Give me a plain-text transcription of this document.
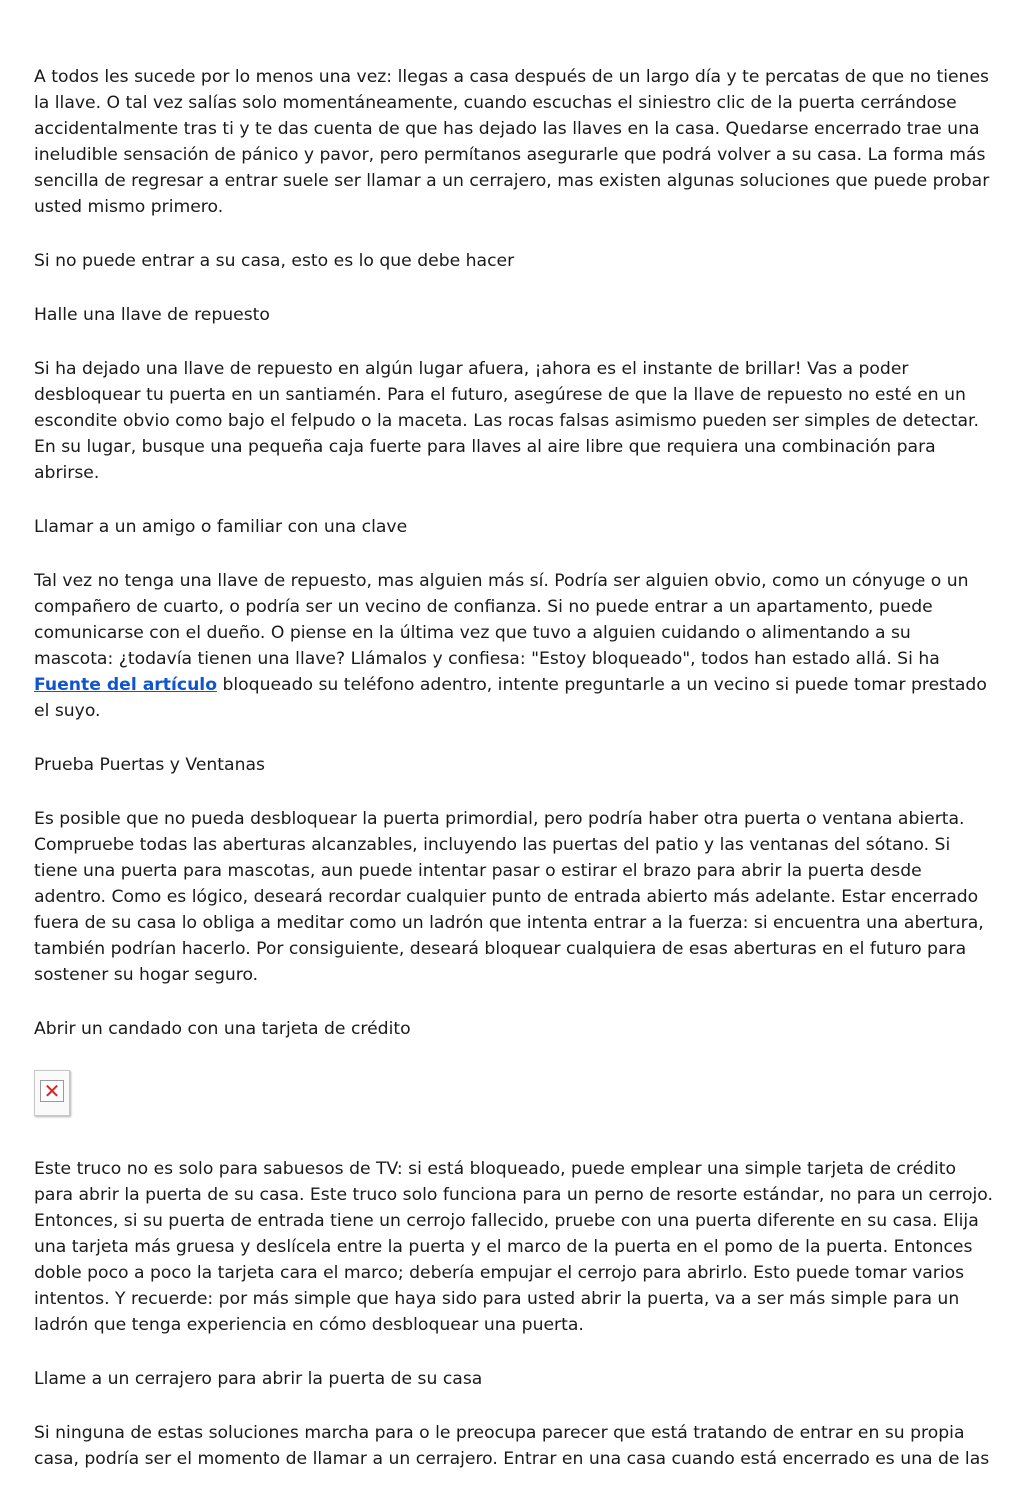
A todos les sucede por lo menos una vez: llegas a casa después de un largo día y te percatas de que no tienes la llave. O tal vez salías solo momentáneamente, cuando escuchas el siniestro clic de la puerta cerrándose accidentalmente tras ti y te das cuenta de que has dejado las llaves en la casa. Quedarse encerrado trae una ineludible sensación de pánico y pavor, pero permítanos asegurarle que podrá volver a su casa. La forma más sencilla de regresar a entrar suele ser llamar a un cerrajero, mas existen algunas soluciones que puede probar usted mismo primero.

Si no puede entrar a su casa, esto es lo que debe hacer

Halle una llave de repuesto

Si ha dejado una llave de repuesto en algún lugar afuera, ¡ahora es el instante de brillar! Vas a poder desbloquear tu puerta en un santiamén. Para el futuro, asegúrese de que la llave de repuesto no esté en un escondite obvio como bajo el felpudo o la maceta. Las rocas falsas asimismo pueden ser simples de detectar. En su lugar, busque una pequeña caja fuerte para llaves al aire libre que requiera una combinación para abrirse.

Llamar a un amigo o familiar con una clave

Tal vez no tenga una llave de repuesto, mas alguien más sí. Podría ser alguien obvio, como un cónyuge o un compañero de cuarto, o podría ser un vecino de confianza. Si no puede entrar a un apartamento, puede comunicarse con el dueño. O piense en la última vez que tuvo a alguien cuidando o alimentando a su mascota: ¿todavía tienen una llave? Llámalos y confiesa: "Estoy bloqueado", todos han estado allá. Si ha Fuente del artículo bloqueado su teléfono adentro, intente preguntarle a un vecino si puede tomar prestado el suyo.

Prueba Puertas y Ventanas

Es posible que no pueda desbloquear la puerta primordial, pero podría haber otra puerta o ventana abierta. Compruebe todas las aberturas alcanzables, incluyendo las puertas del patio y las ventanas del sótano. Si tiene una puerta para mascotas, aun puede intentar pasar o estirar el brazo para abrir la puerta desde adentro. Como es lógico, deseará recordar cualquier punto de entrada abierto más adelante. Estar encerrado fuera de su casa lo obliga a meditar como un ladrón que intenta entrar a la fuerza: si encuentra una abertura, también podrían hacerlo. Por consiguiente, deseará bloquear cualquiera de esas aberturas en el futuro para sostener su hogar seguro.

Abrir un candado con una tarjeta de crédito

✕

Este truco no es solo para sabuesos de TV: si está bloqueado, puede emplear una simple tarjeta de crédito para abrir la puerta de su casa. Este truco solo funciona para un perno de resorte estándar, no para un cerrojo. Entonces, si su puerta de entrada tiene un cerrojo fallecido, pruebe con una puerta diferente en su casa. Elija una tarjeta más gruesa y deslícela entre la puerta y el marco de la puerta en el pomo de la puerta. Entonces doble poco a poco la tarjeta cara el marco; debería empujar el cerrojo para abrirlo. Esto puede tomar varios intentos. Y recuerde: por más simple que haya sido para usted abrir la puerta, va a ser más simple para un ladrón que tenga experiencia en cómo desbloquear una puerta.

Llame a un cerrajero para abrir la puerta de su casa

Si ninguna de estas soluciones marcha para o le preocupa parecer que está tratando de entrar en su propia casa, podría ser el momento de llamar a un cerrajero. Entrar en una casa cuando está encerrado es una de las
